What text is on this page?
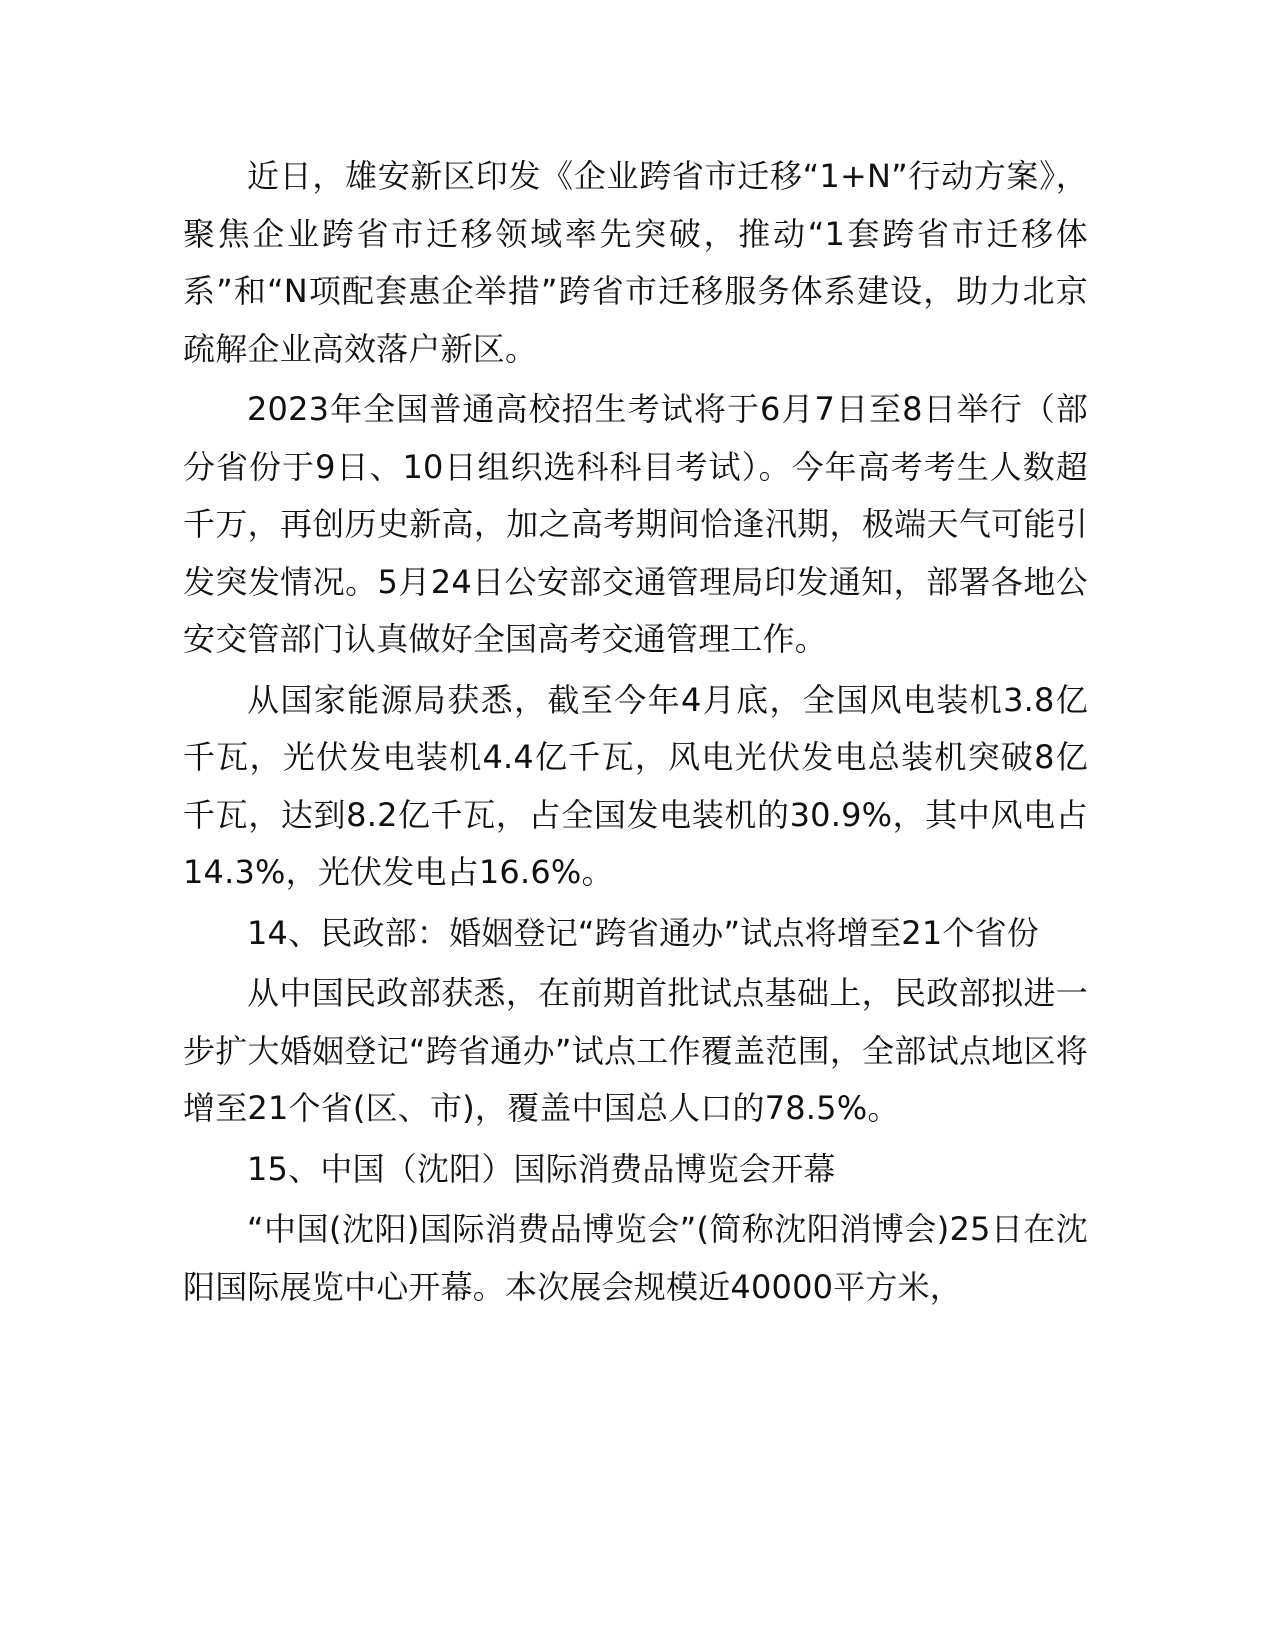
近日，雄安新区印发《企业跨省市迁移“1+N”行动方案》，聚焦企业跨省市迁移领域率先突破，推动“1套跨省市迁移体系”和“N项配套惠企举措”跨省市迁移服务体系建设，助力北京疏解企业高效落户新区。

2023年全国普通高校招生考试将于6月7日至8日举行（部分省份于9日、10日组织选科科目考试）。今年高考考生人数超千万，再创历史新高，加之高考期间恰逢汛期，极端天气可能引发突发情况。5月24日公安部交通管理局印发通知，部署各地公安交管部门认真做好全国高考交通管理工作。

从国家能源局获悉，截至今年4月底，全国风电装机3.8亿千瓦，光伏发电装机4.4亿千瓦，风电光伏发电总装机突破8亿千瓦，达到8.2亿千瓦，占全国发电装机的30.9%，其中风电占14.3%，光伏发电占16.6%。

14、民政部：婚姻登记“跨省通办”试点将增至21个省份

从中国民政部获悉，在前期首批试点基础上，民政部拟进一步扩大婚姻登记“跨省通办”试点工作覆盖范围，全部试点地区将增至21个省(区、市)，覆盖中国总人口的78.5%。

15、中国（沈阳）国际消费品博览会开幕

“中国(沈阳)国际消费品博览会”(简称沈阳消博会)25日在沈阳国际展览中心开幕。本次展会规模近40000平方米，
